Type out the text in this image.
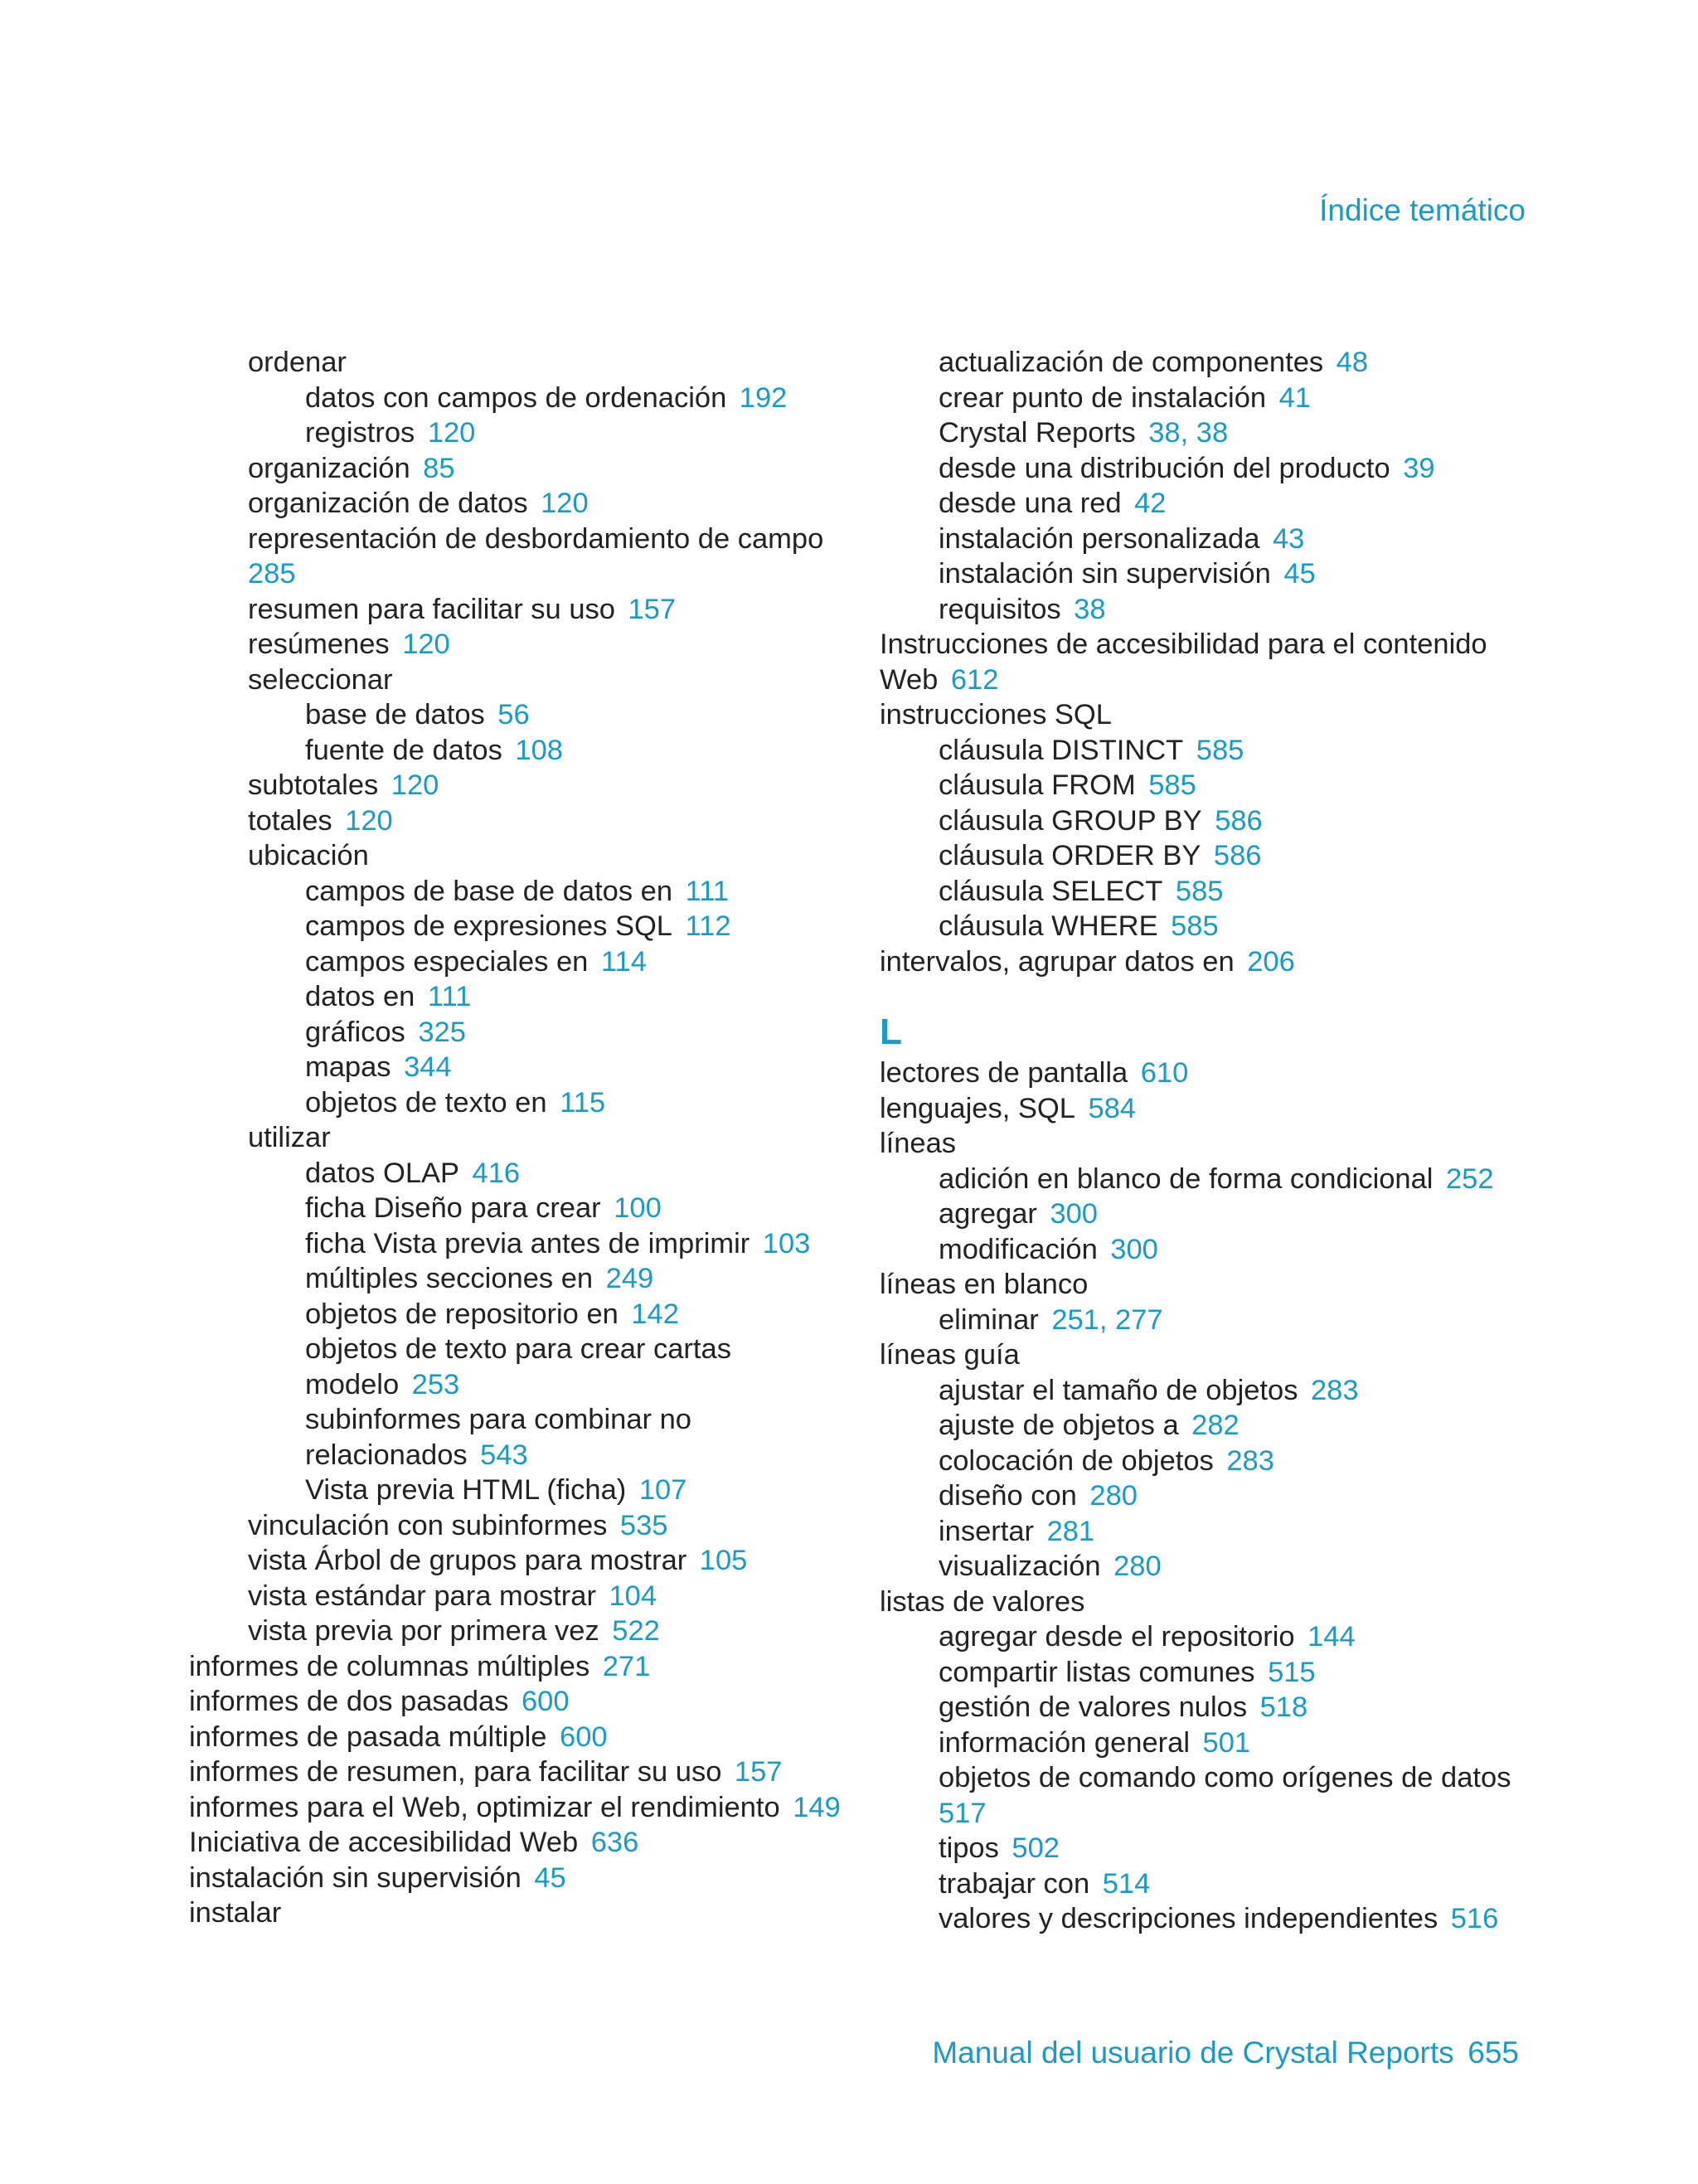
Índice temático
ordenar
datos con campos de ordenación 192
registros 120
organización 85
organización de datos 120
representación de desbordamiento de campo
285
resumen para facilitar su uso 157
resúmenes 120
seleccionar
base de datos 56
fuente de datos 108
subtotales 120
totales 120
ubicación
campos de base de datos en 111
campos de expresiones SQL 112
campos especiales en 114
datos en 111
gráficos 325
mapas 344
objetos de texto en 115
utilizar
datos OLAP 416
ficha Diseño para crear 100
ficha Vista previa antes de imprimir 103
múltiples secciones en 249
objetos de repositorio en 142
objetos de texto para crear cartas
modelo 253
subinformes para combinar no
relacionados 543
Vista previa HTML (ficha) 107
vinculación con subinformes 535
vista Árbol de grupos para mostrar 105
vista estándar para mostrar 104
vista previa por primera vez 522
informes de columnas múltiples 271
informes de dos pasadas 600
informes de pasada múltiple 600
informes de resumen, para facilitar su uso 157
informes para el Web, optimizar el rendimiento 149
Iniciativa de accesibilidad Web 636
instalación sin supervisión 45
instalar
actualización de componentes 48
crear punto de instalación 41
Crystal Reports 38, 38
desde una distribución del producto 39
desde una red 42
instalación personalizada 43
instalación sin supervisión 45
requisitos 38
Instrucciones de accesibilidad para el contenido
Web 612
instrucciones SQL
cláusula DISTINCT 585
cláusula FROM 585
cláusula GROUP BY 586
cláusula ORDER BY 586
cláusula SELECT 585
cláusula WHERE 585
intervalos, agrupar datos en 206
L
lectores de pantalla 610
lenguajes, SQL 584
líneas
adición en blanco de forma condicional 252
agregar 300
modificación 300
líneas en blanco
eliminar 251, 277
líneas guía
ajustar el tamaño de objetos 283
ajuste de objetos a 282
colocación de objetos 283
diseño con 280
insertar 281
visualización 280
listas de valores
agregar desde el repositorio 144
compartir listas comunes 515
gestión de valores nulos 518
información general 501
objetos de comando como orígenes de datos
517
tipos 502
trabajar con 514
valores y descripciones independientes 516
Manual del usuario de Crystal Reports 655
